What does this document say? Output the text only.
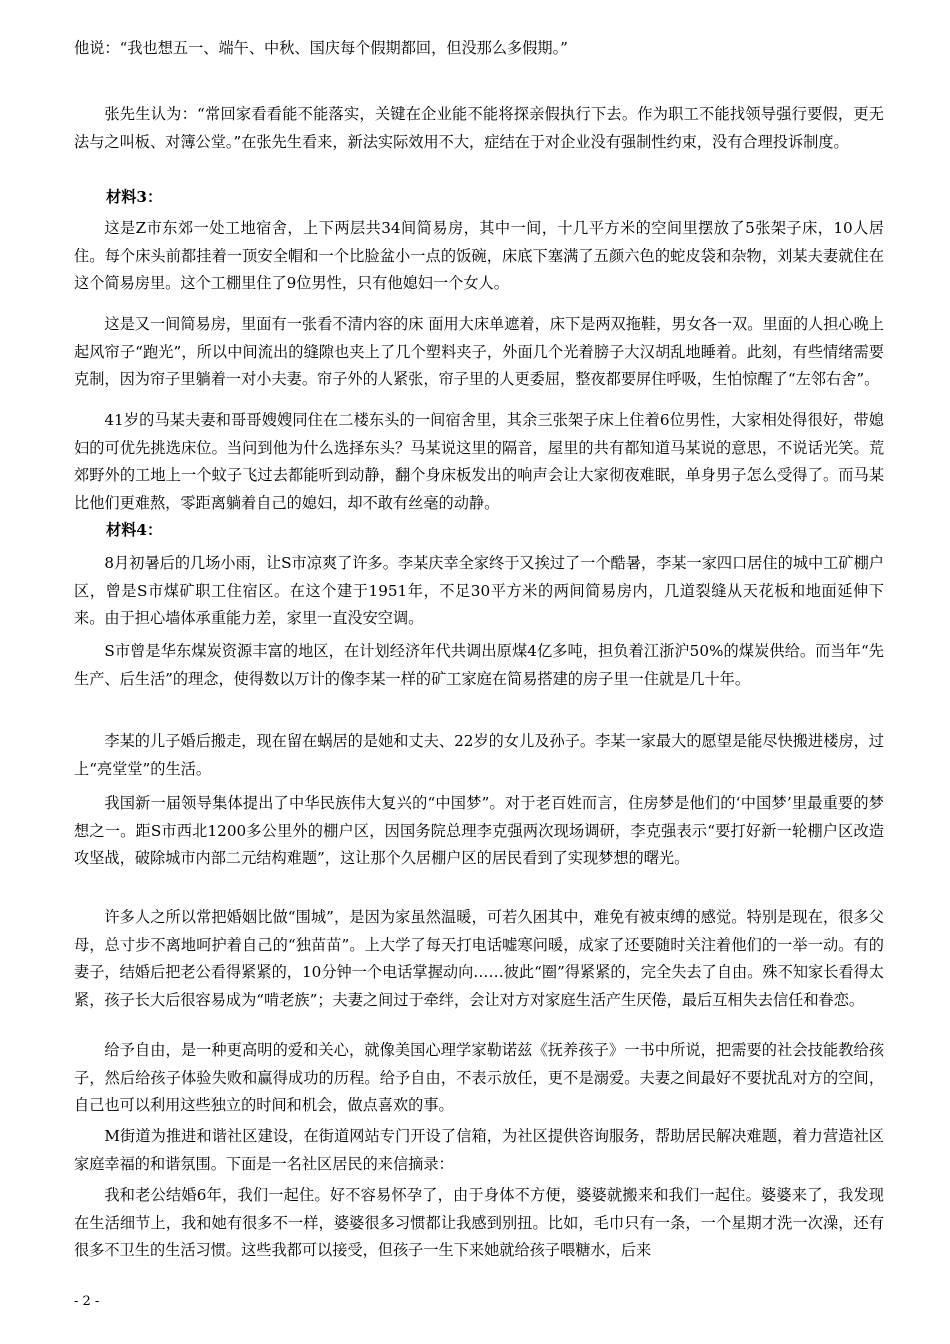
他说：“我也想五一、端午、中秋、国庆每个假期都回，但没那么多假期。”

张先生认为：“常回家看看能不能落实，关键在企业能不能将探亲假执行下去。作为职工不能找领导强行要假，更无法与之叫板、对簿公堂。”在张先生看来，新法实际效用不大，症结在于对企业没有强制性约束，没有合理投诉制度。

材料3：

这是Z市东郊一处工地宿舍，上下两层共34间简易房，其中一间，十几平方米的空间里摆放了5张架子床，10人居住。每个床头前都挂着一顶安全帽和一个比脸盆小一点的饭碗，床底下塞满了五颜六色的蛇皮袋和杂物，刘某夫妻就住在这个简易房里。这个工棚里住了9位男性，只有他媳妇一个女人。

这是又一间简易房，里面有一张看不清内容的床 面用大床单遮着，床下是两双拖鞋，男女各一双。里面的人担心晚上起风帘子“跑光”，所以中间流出的缝隙也夹上了几个塑料夹子，外面几个光着膀子大汉胡乱地睡着。此刻，有些情绪需要克制，因为帘子里躺着一对小夫妻。帘子外的人紧张，帘子里的人更委屈，整夜都要屏住呼吸，生怕惊醒了“左邻右舍”。

41岁的马某夫妻和哥哥嫂嫂同住在二楼东头的一间宿舍里，其余三张架子床上住着6位男性，大家相处得很好，带媳妇的可优先挑选床位。当问到他为什么选择东头？马某说这里的隔音，屋里的共有都知道马某说的意思，不说话光笑。荒郊野外的工地上一个蚊子飞过去都能听到动静，翻个身床板发出的响声会让大家彻夜难眠，单身男子怎么受得了。而马某比他们更难熬，零距离躺着自己的媳妇，却不敢有丝毫的动静。

材料4：

8月初暑后的几场小雨，让S市凉爽了许多。李某庆幸全家终于又挨过了一个酷暑，李某一家四口居住的城中工矿棚户区，曾是S市煤矿职工住宿区。在这个建于1951年，不足30平方米的两间简易房内，几道裂缝从天花板和地面延伸下来。由于担心墙体承重能力差，家里一直没安空调。

S市曾是华东煤炭资源丰富的地区，在计划经济年代共调出原煤4亿多吨，担负着江浙沪50%的煤炭供给。而当年“先生产、后生活”的理念，使得数以万计的像李某一样的矿工家庭在简易搭建的房子里一住就是几十年。

李某的儿子婚后搬走，现在留在蜗居的是她和丈夫、22岁的女儿及孙子。李某一家最大的愿望是能尽快搬进楼房，过上“亮堂堂”的生活。

我国新一届领导集体提出了中华民族伟大复兴的“中国梦”。对于老百姓而言，住房梦是他们的‘中国梦’里最重要的梦想之一。距S市西北1200多公里外的棚户区，因国务院总理李克强两次现场调研，李克强表示“要打好新一轮棚户区改造攻坚战，破除城市内部二元结构难题”，这让那个久居棚户区的居民看到了实现梦想的曙光。

许多人之所以常把婚姻比做“围城”，是因为家虽然温暖，可若久困其中，难免有被束缚的感觉。特别是现在，很多父母，总寸步不离地呵护着自己的“独苗苗”。上大学了每天打电话嘘寒问暖，成家了还要随时关注着他们的一举一动。有的妻子，结婚后把老公看得紧紧的，10分钟一个电话掌握动向……彼此“圈”得紧紧的，完全失去了自由。殊不知家长看得太紧，孩子长大后很容易成为“啃老族”；夫妻之间过于牵绊，会让对方对家庭生活产生厌倦，最后互相失去信任和眷恋。

给予自由，是一种更高明的爱和关心，就像美国心理学家勒诺兹《抚养孩子》一书中所说，把需要的社会技能教给孩子，然后给孩子体验失败和赢得成功的历程。给予自由，不表示放任，更不是溺爱。夫妻之间最好不要扰乱对方的空间，自己也可以利用这些独立的时间和机会，做点喜欢的事。

M街道为推进和谐社区建设，在街道网站专门开设了信箱，为社区提供咨询服务，帮助居民解决难题，着力营造社区家庭幸福的和谐氛围。下面是一名社区居民的来信摘录：

我和老公结婚6年，我们一起住。好不容易怀孕了，由于身体不方便，婆婆就搬来和我们一起住。婆婆来了，我发现在生活细节上，我和她有很多不一样，婆婆很多习惯都让我感到别扭。比如，毛巾只有一条，一个星期才洗一次澡，还有很多不卫生的生活习惯。这些我都可以接受，但孩子一生下来她就给孩子喂糖水，后来

- 2 -
